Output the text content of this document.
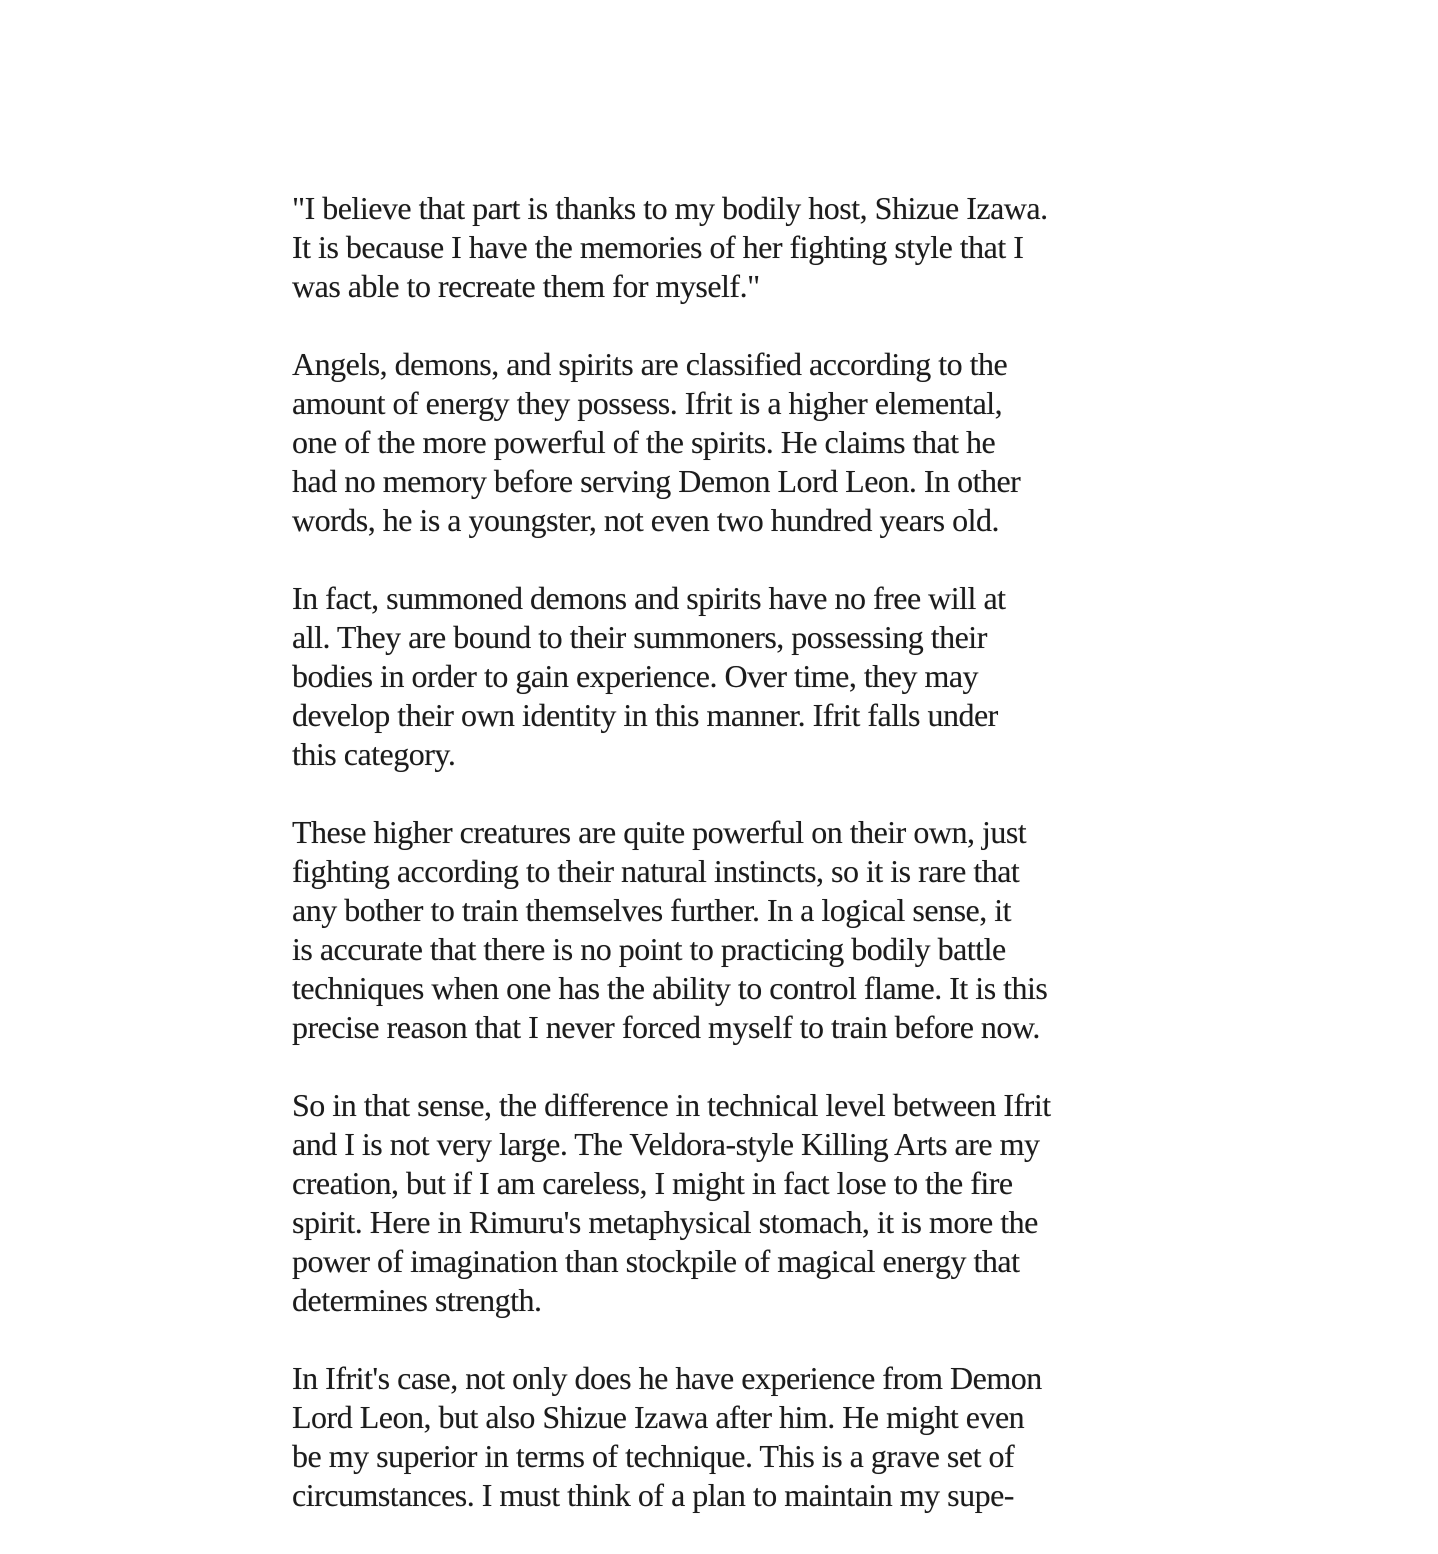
"I believe that part is thanks to my bodily host, Shizue Izawa.
It is because I have the memories of her fighting style that I
was able to recreate them for myself."
Angels, demons, and spirits are classified according to the
amount of energy they possess. Ifrit is a higher elemental,
one of the more powerful of the spirits. He claims that he
had no memory before serving Demon Lord Leon. In other
words, he is a youngster, not even two hundred years old.
In fact, summoned demons and spirits have no free will at
all. They are bound to their summoners, possessing their
bodies in order to gain experience. Over time, they may
develop their own identity in this manner. Ifrit falls under
this category.
These higher creatures are quite powerful on their own, just
fighting according to their natural instincts, so it is rare that
any bother to train themselves further. In a logical sense, it
is accurate that there is no point to practicing bodily battle
techniques when one has the ability to control flame. It is this
precise reason that I never forced myself to train before now.
So in that sense, the difference in technical level between Ifrit
and I is not very large. The Veldora-style Killing Arts are my
creation, but if I am careless, I might in fact lose to the fire
spirit. Here in Rimuru's metaphysical stomach, it is more the
power of imagination than stockpile of magical energy that
determines strength.
In Ifrit's case, not only does he have experience from Demon
Lord Leon, but also Shizue Izawa after him. He might even
be my superior in terms of technique. This is a grave set of
circumstances. I must think of a plan to maintain my supe-
